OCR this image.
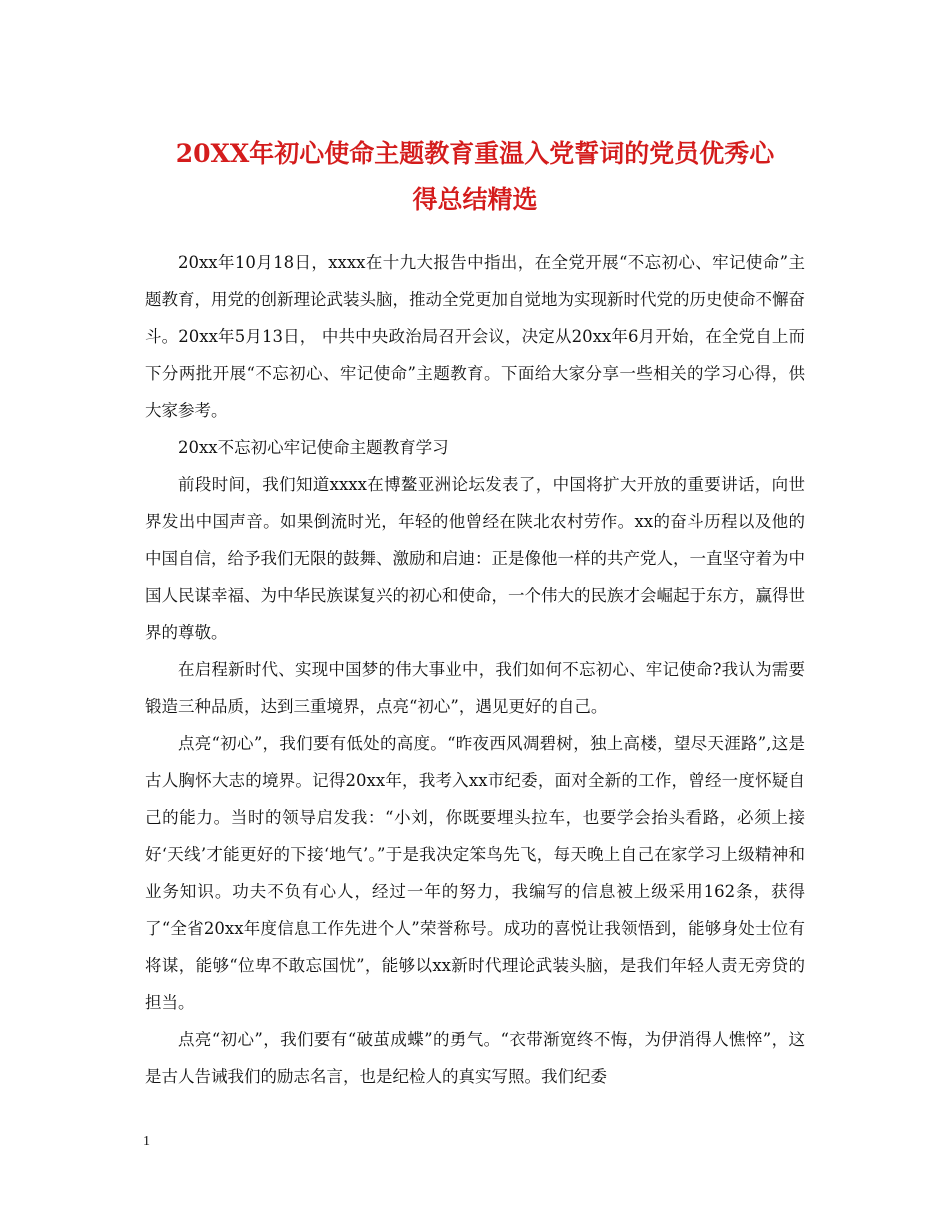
20XX年初心使命主题教育重温入党誓词的党员优秀心
得总结精选

20xx年10月18日，xxxx在十九大报告中指出，在全党开展“不忘初心、牢记使命”主题教育，用党的创新理论武装头脑，推动全党更加自觉地为实现新时代党的历史使命不懈奋斗。20xx年5月13日， 中共中央政治局召开会议，决定从20xx年6月开始，在全党自上而下分两批开展“不忘初心、牢记使命”主题教育。下面给大家分享一些相关的学习心得，供大家参考。

20xx不忘初心牢记使命主题教育学习

前段时间，我们知道xxxx在博鳌亚洲论坛发表了，中国将扩大开放的重要讲话，向世界发出中国声音。如果倒流时光，年轻的他曾经在陕北农村劳作。xx的奋斗历程以及他的中国自信，给予我们无限的鼓舞、激励和启迪：正是像他一样的共产党人，一直坚守着为中国人民谋幸福、为中华民族谋复兴的初心和使命，一个伟大的民族才会崛起于东方，赢得世界的尊敬。

在启程新时代、实现中国梦的伟大事业中，我们如何不忘初心、牢记使命?我认为需要锻造三种品质，达到三重境界，点亮“初心”，遇见更好的自己。

点亮“初心”，我们要有低处的高度。“昨夜西风凋碧树，独上高楼，望尽天涯路”,这是古人胸怀大志的境界。记得20xx年，我考入xx市纪委，面对全新的工作，曾经一度怀疑自己的能力。当时的领导启发我：“小刘，你既要埋头拉车，也要学会抬头看路，必须上接好‘天线’才能更好的下接‘地气’。”于是我决定笨鸟先飞，每天晚上自己在家学习上级精神和业务知识。功夫不负有心人，经过一年的努力，我编写的信息被上级采用162条，获得了“全省20xx年度信息工作先进个人”荣誉称号。成功的喜悦让我领悟到，能够身处士位有将谋，能够“位卑不敢忘国忧”，能够以xx新时代理论武装头脑，是我们年轻人责无旁贷的担当。

点亮“初心”，我们要有“破茧成蝶”的勇气。“衣带渐宽终不悔，为伊消得人憔悴”，这是古人告诫我们的励志名言，也是纪检人的真实写照。我们纪委

1
